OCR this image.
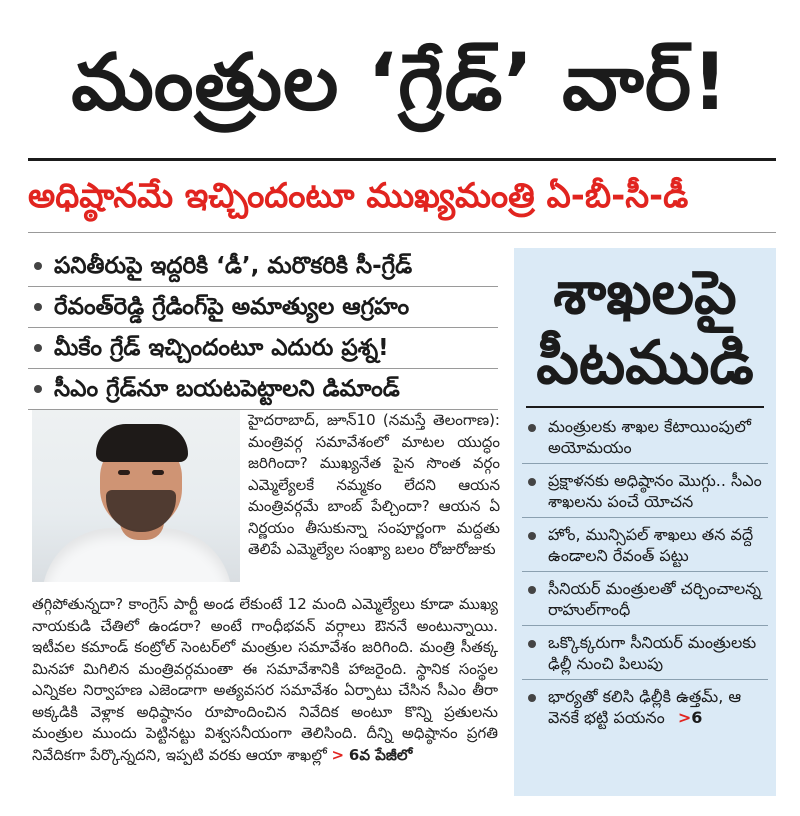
మంత్రుల ‘గ్రేడ్’ వార్!
అధిష్ఠానమే ఇచ్చిందంటూ ముఖ్యమంత్రి ఏ-బీ-సీ-డీ
పనితీరుపై ఇద్దరికి ‘డీ’, మరొకరికి సీ-గ్రేడ్
రేవంత్‌రెడ్డి గ్రేడింగ్‌పై అమాత్యుల ఆగ్రహం
మీకేం గ్రేడ్ ఇచ్చిందంటూ ఎదురు ప్రశ్న!
సీఎం గ్రేడ్‌నూ బయటపెట్టాలని డిమాండ్
హైదరాబాద్, జూన్10 (నమస్తే తెలంగాణ): మంత్రివర్గ సమావేశంలో మాటల యుద్ధం జరిగిందా? ముఖ్యనేత పైన సొంత వర్గం ఎమ్మెల్యేలకే నమ్మకం లేదని ఆయన మంత్రివర్గమే బాంబ్ పేల్చిందా? ఆయన ఏ నిర్ణయం తీసుకున్నా సంపూర్ణంగా మద్దతు తెలిపే ఎమ్మెల్యేల సంఖ్యా బలం రోజురోజుకు
తగ్గిపోతున్నదా? కాంగ్రెస్ పార్టీ అండ లేకుంటే 12 మంది ఎమ్మెల్యేలు కూడా ముఖ్య నాయకుడి చేతిలో ఉండరా? అంటే గాంధీభవన్ వర్గాలు ఔననే అంటున్నాయి. ఇటీవల కమాండ్ కంట్రోల్ సెంటర్‌లో మంత్రుల సమావేశం జరిగింది. మంత్రి సీతక్క మినహా మిగిలిన మంత్రివర్గమంతా ఈ సమావేశానికి హాజరైంది. స్థానిక సంస్థల ఎన్నికల నిర్వాహణ ఎజెండాగా అత్యవసర సమావేశం ఏర్పాటు చేసిన సీఎం తీరా అక్కడికి వెళ్లాక అధిష్ఠానం రూపొందించిన నివేదిక అంటూ కొన్ని ప్రతులను మంత్రుల ముందు పెట్టినట్టు విశ్వసనీయంగా తెలిసింది. దీన్ని అధిష్ఠానం ప్రగతి నివేదికగా పేర్కొన్నదని, ఇప్పటి వరకు ఆయా శాఖల్లో > 6వ పేజీలో
శాఖలపై
పీటముడి
మంత్రులకు శాఖల కేటాయింపులో అయోమయం
ప్రక్షాళనకు అధిష్ఠానం మొగ్గు.. సీఎం శాఖలను పంచే యోచన
హోం, మున్సిపల్ శాఖలు తన వద్దే ఉండాలని రేవంత్ పట్టు
సీనియర్ మంత్రులతో చర్చించాలన్న రాహుల్‌గాంధీ
ఒక్కొక్కరుగా సీనియర్ మంత్రులకు ఢిల్లీ నుంచి పిలుపు
భార్యతో కలిసి ఢిల్లీకి ఉత్తమ్, ఆ వెనకే భట్టి పయనం >6
